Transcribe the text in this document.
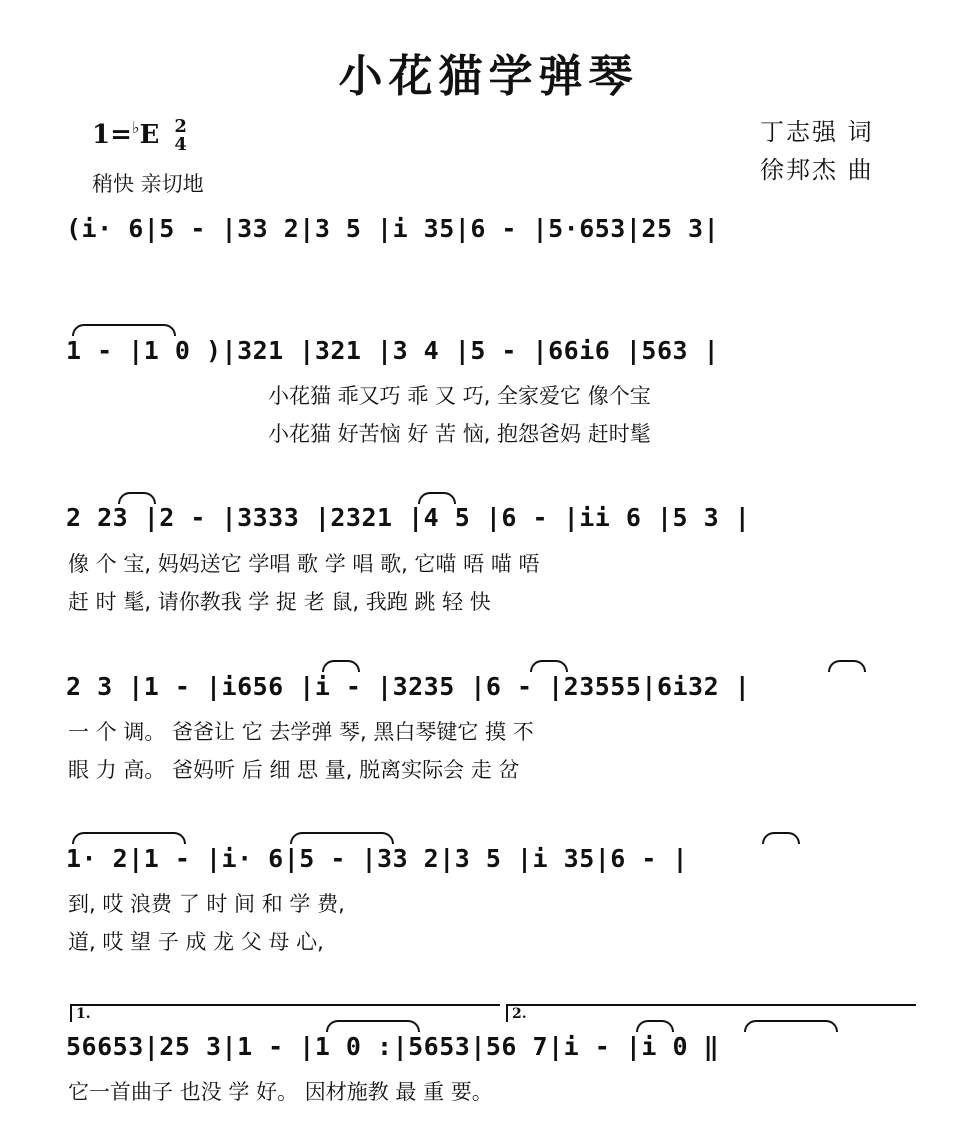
小花猫学弹琴
丁志强 词
徐邦杰 曲
1=♭E 2
4
稍快 亲切地
(i· 6|5 - |33 2|3 5 |i 35|6 - |5·653|25 3|
1 - |1 0 )|321 |321 |3 4 |5 - |66i6 |563 |
小花猫 乖又巧 乖 又 巧, 全家爱它 像个宝
小花猫 好苦恼 好 苦 恼, 抱怨爸妈 赶时髦
2 23 |2 - |3333 |2321 |4 5 |6 - |ii 6 |5 3 |
像 个 宝, 妈妈送它 学唱 歌 学 唱 歌, 它喵 唔 喵 唔
赶 时 髦, 请你教我 学 捉 老 鼠, 我跑 跳 轻 快
2 3 |1 - |i656 |i - |3235 |6 - |23555|6i32 |
一 个 调。 爸爸让 它 去学弹 琴, 黑白琴键它 摸 不
眼 力 高。 爸妈听 后 细 思 量, 脱离实际会 走 岔
1· 2|1 - |i· 6|5 - |33 2|3 5 |i 35|6 - |
到, 哎 浪费 了 时 间 和 学 费,
道, 哎 望 子 成 龙 父 母 心,
1.	2.
56653|25 3|1 - |1 0 :|5653|56 7|i - |i 0 ‖
它一首曲子 也没 学 好。 因材施教 最 重 要。
